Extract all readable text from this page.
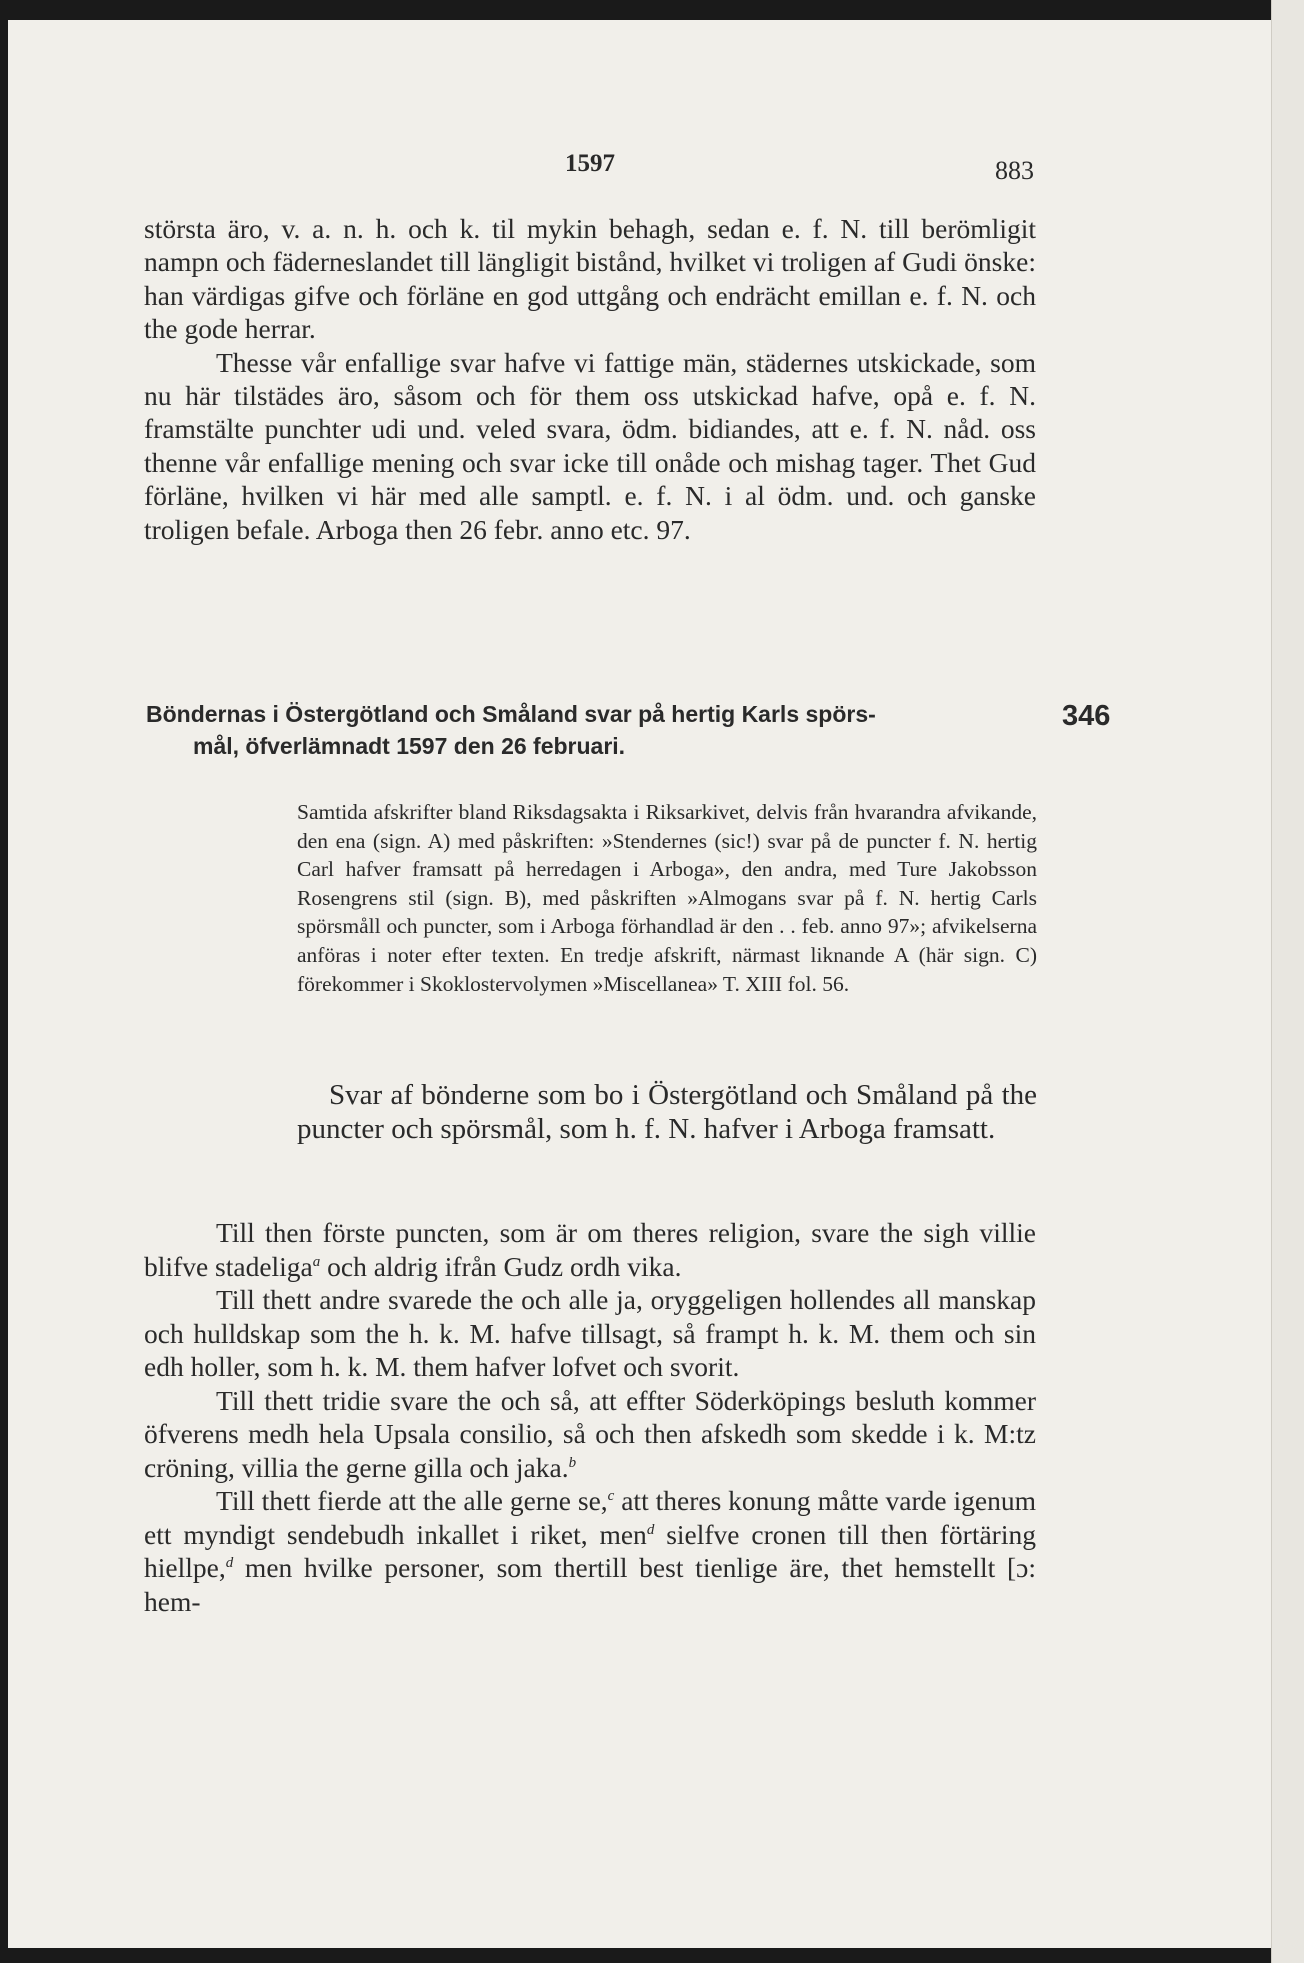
1597	883

största äro, v. a. n. h. och k. til mykin behagh, sedan e. f. N. till berömligit nampn och fäderneslandet till längligit bistånd, hvilket vi troligen af Gudi önske: han värdigas gifve och förläne en god uttgång och endrächt emillan e. f. N. och the gode herrar.

Thesse vår enfallige svar hafve vi fattige män, städernes utskickade, som nu här tilstädes äro, såsom och för them oss utskickad hafve, opå e. f. N. framstälte punchter udi und. veled svara, ödm. bidiandes, att e. f. N. nåd. oss thenne vår enfallige mening och svar icke till onåde och mishag tager. Thet Gud förläne, hvilken vi här med alle samptl. e. f. N. i al ödm. und. och ganske troligen befale. Arboga then 26 febr. anno etc. 97.

Böndernas i Östergötland och Småland svar på hertig Karls spörs-
mål, öfverlämnadt 1597 den 26 februari.
346
Samtida afskrifter bland Riksdagsakta i Riksarkivet, delvis från hvarandra afvikande, den ena (sign. A) med påskriften: »Stendernes (sic!) svar på de puncter f. N. hertig Carl hafver framsatt på herredagen i Arboga», den andra, med Ture Jakobsson Rosengrens stil (sign. B), med påskriften »Almogans svar på f. N. hertig Carls spörsmåll och puncter, som i Arboga förhandlad är den . . feb. anno 97»; afvikelserna anföras i noter efter texten. En tredje afskrift, närmast liknande A (här sign. C) förekommer i Skoklostervolymen »Miscellanea» T. XIII fol. 56.
Svar af bönderne som bo i Östergötland och Småland på the puncter och spörsmål, som h. f. N. hafver i Arboga framsatt.

Till then förste puncten, som är om theres religion, svare the sigh villie blifve stadeliga$^a$ och aldrig ifrån Gudz ordh vika.

Till thett andre svarede the och alle ja, oryggeligen hollendes all manskap och hulldskap som the h. k. M. hafve tillsagt, så frampt h. k. M. them och sin edh holler, som h. k. M. them hafver lofvet och svorit.

Till thett tridie svare the och så, att effter Söderköpings besluth kommer öfverens medh hela Upsala consilio, så och then afskedh som skedde i k. M:tz cröning, villia the gerne gilla och jaka.$^b$

Till thett fierde att the alle gerne se,$^c$ att theres konung måtte varde igenum ett myndigt sendebudh inkallet i riket, men$^d$ sielfve cronen till then förtäring hiellpe,$^d$ men hvilke personer, som thertill best tienlige äre, thet hemstellt [ɔ: hem-
